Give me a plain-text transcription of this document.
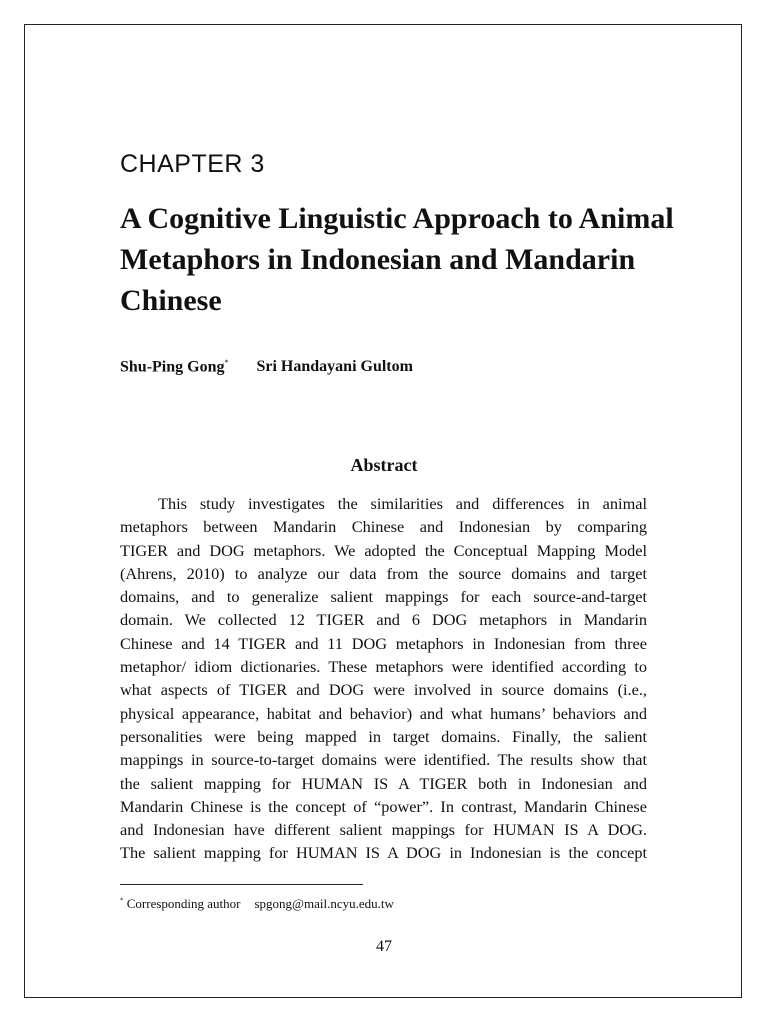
CHAPTER 3
A Cognitive Linguistic Approach to Animal Metaphors in Indonesian and Mandarin Chinese
Shu-Ping Gong* Sri Handayani Gultom
Abstract
This study investigates the similarities and differences in animal
metaphors between Mandarin Chinese and Indonesian by comparing
TIGER and DOG metaphors. We adopted the Conceptual Mapping Model
(Ahrens, 2010) to analyze our data from the source domains and target
domains, and to generalize salient mappings for each source-and-target
domain. We collected 12 TIGER and 6 DOG metaphors in Mandarin
Chinese and 14 TIGER and 11 DOG metaphors in Indonesian from three
metaphor/ idiom dictionaries. These metaphors were identified according to
what aspects of TIGER and DOG were involved in source domains (i.e.,
physical appearance, habitat and behavior) and what humans’ behaviors and
personalities were being mapped in target domains. Finally, the salient
mappings in source-to-target domains were identified. The results show that
the salient mapping for HUMAN IS A TIGER both in Indonesian and
Mandarin Chinese is the concept of “power”. In contrast, Mandarin Chinese
and Indonesian have different salient mappings for HUMAN IS A DOG.
The salient mapping for HUMAN IS A DOG in Indonesian is the concept
* Corresponding author spgong@mail.ncyu.edu.tw
47
